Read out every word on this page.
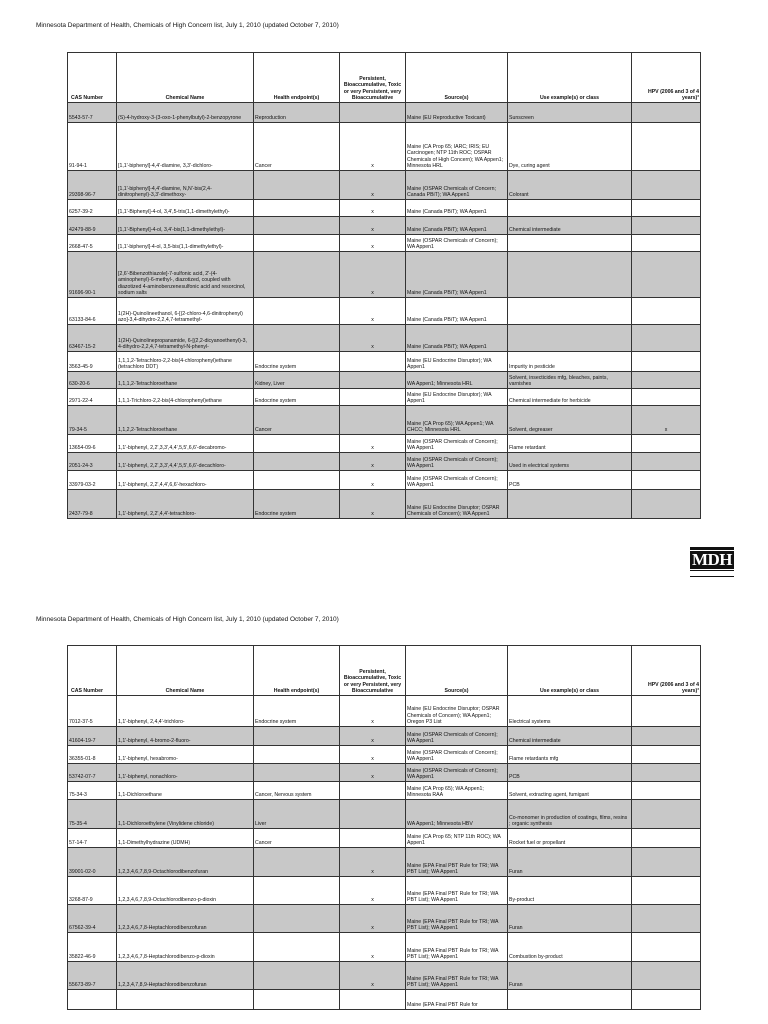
Minnesota Department of Health, Chemicals of High Concern list, July 1, 2010 (updated October 7, 2010)
CAS Number	Chemical Name	Health endpoint(s)	Persistent, Bioaccumulative, Toxic or very Persistent, very Bioaccumulative	Source(s)	Use example(s) or class	HPV (2006 and 3 of 4 years)³
5543-57-7	(S)-4-hydroxy-3-(3-oxo-1-phenylbutyl)-2-benzopyrone	Reproduction		Maine (EU Reproductive Toxicant)	Sunscreen	
91-94-1	[1,1'-biphenyl]-4,4'-diamine, 3,3'-dichloro-	Cancer	x	Maine (CA Prop 65; IARC; IRIS; EU Carcinogen; NTP 11th ROC; OSPAR Chemicals of High Concern); WA Appen1; Minnesota HRL	Dye, curing agent	
29398-96-7	[1,1'-biphenyl]-4,4'-diamine, N,N'-bis(2,4-dinitrophenyl)-3,3'-dimethoxy-		x	Maine (OSPAR Chemicals of Concern; Canada PBiT); WA Appen1	Colorant	
6257-39-2	[1,1'-Biphenyl]-4-ol, 3,4',5-tris(1,1-dimethylethyl)-		x	Maine (Canada PBiT); WA Appen1		
42479-88-9	[1,1'-Biphenyl]-4-ol, 3,4'-bis(1,1-dimethylethyl)-		x	Maine (Canada PBiT); WA Appen1	Chemical intermediate	
2668-47-5	[1,1'-biphenyl]-4-ol, 3,5-bis(1,1-dimethylethyl)-		x	Maine (OSPAR Chemicals of Concern); WA Appen1		
91696-90-1	[2,6'-Bibenzothiazole]-7-sulfonic acid, 2'-(4-aminophenyl)-6-methyl-, diazotized, coupled with diazotized 4-aminobenzenesulfonic acid and resorcinol, sodium salts		x	Maine (Canada PBiT); WA Appen1		
63133-84-6	1(2H)-Quinolineethanol, 6-[(2-chloro-4,6-dinitrophenyl) azo]-3,4-dihydro-2,2,4,7-tetramethyl-		x	Maine (Canada PBiT); WA Appen1		
63467-15-2	1(2H)-Quinolinepropanamide, 6-[(2,2-dicyanoethenyl)-3, 4-dihydro-2,2,4,7-tetramethyl-N-phenyl-		x	Maine (Canada PBiT); WA Appen1		
3563-45-9	1,1,1,2-Tetrachloro-2,2-bis(4-chlorophenyl)ethane (tetrachloro DDT)	Endocrine system		Maine (EU Endocrine Disruptor); WA Appen1	Impurity in pesticide	
630-20-6	1,1,1,2-Tetrachloroethane	Kidney, Liver		WA Appen1; Minnesota HRL	Solvent, insecticides mfg, bleaches, paints, varnishes	
2971-22-4	1,1,1-Trichloro-2,2-bis(4-chlorophenyl)ethane	Endocrine system		Maine (EU Endocrine Disruptor); WA Appen1	Chemical intermediate for herbicide	
79-34-5	1,1,2,2-Tetrachloroethane	Cancer		Maine (CA Prop 65); WA Appen1; WA CHCC; Minnesota HRL	Solvent, degreaser	x
13654-09-6	1,1'-biphenyl, 2,2',3,3',4,4',5,5',6,6'-decabromo-		x	Maine (OSPAR Chemicals of Concern); WA Appen1	Flame retardant	
2051-24-3	1,1'-biphenyl, 2,2',3,3',4,4',5,5',6,6'-decachloro-		x	Maine (OSPAR Chemicals of Concern); WA Appen1	Used in electrical systems	
33979-03-2	1,1'-biphenyl, 2,2',4,4',6,6'-hexachloro-		x	Maine (OSPAR Chemicals of Concern); WA Appen1	PCB	
2437-79-8	1,1'-biphenyl, 2,2',4,4'-tetrachloro-	Endocrine system	x	Maine (EU Endocrine Disruptor; OSPAR Chemicals of Concern); WA Appen1		
MDH
Minnesota Department of Health, Chemicals of High Concern list, July 1, 2010 (updated October 7, 2010)
CAS Number	Chemical Name	Health endpoint(s)	Persistent, Bioaccumulative, Toxic or very Persistent, very Bioaccumulative	Source(s)	Use example(s) or class	HPV (2006 and 3 of 4 years)³
7012-37-5	1,1'-biphenyl, 2,4,4'-trichloro-	Endocrine system	x	Maine (EU Endocrine Disruptor; OSPAR Chemicals of Concern); WA Appen1; Oregon P3 List	Electrical systems	
41604-19-7	1,1'-biphenyl, 4-bromo-2-fluoro-		x	Maine (OSPAR Chemicals of Concern); WA Appen1	Chemical intermediate	
36355-01-8	1,1'-biphenyl, hexabromo-		x	Maine (OSPAR Chemicals of Concern); WA Appen1	Flame retardants mfg	
53742-07-7	1,1'-biphenyl, nonachloro-		x	Maine (OSPAR Chemicals of Concern); WA Appen1	PCB	
75-34-3	1,1-Dichloroethane	Cancer, Nervous system		Maine (CA Prop 65); WA Appen1; Minnesota RAA	Solvent, extracting agent, fumigant	
75-35-4	1,1-Dichloroethylene (Vinylidene chloride)	Liver		WA Appen1; Minnesota HBV	Co-monomer in production of coatings, films, resins ; organic synthesis	
57-14-7	1,1-Dimethylhydrazine (UDMH)	Cancer		Maine (CA Prop 65; NTP 11th ROC); WA Appen1	Rocket fuel or propellant	
39001-02-0	1,2,3,4,6,7,8,9-Octachlorodibenzofuran		x	Maine (EPA Final PBT Rule for TRI; WA PBT List); WA Appen1	Furan	
3268-87-9	1,2,3,4,6,7,8,9-Octachlorodibenzo-p-dioxin		x	Maine (EPA Final PBT Rule for TRI; WA PBT List); WA Appen1	By-product	
67562-39-4	1,2,3,4,6,7,8-Heptachlorodibenzofuran		x	Maine (EPA Final PBT Rule for TRI; WA PBT List); WA Appen1	Furan	
35822-46-9	1,2,3,4,6,7,8-Heptachlorodibenzo-p-dioxin		x	Maine (EPA Final PBT Rule for TRI; WA PBT List); WA Appen1	Combustion by-product	
55673-89-7	1,2,3,4,7,8,9-Heptachlorodibenzofuran		x	Maine (EPA Final PBT Rule for TRI; WA PBT List); WA Appen1	Furan	
				Maine (EPA Final PBT Rule for		
